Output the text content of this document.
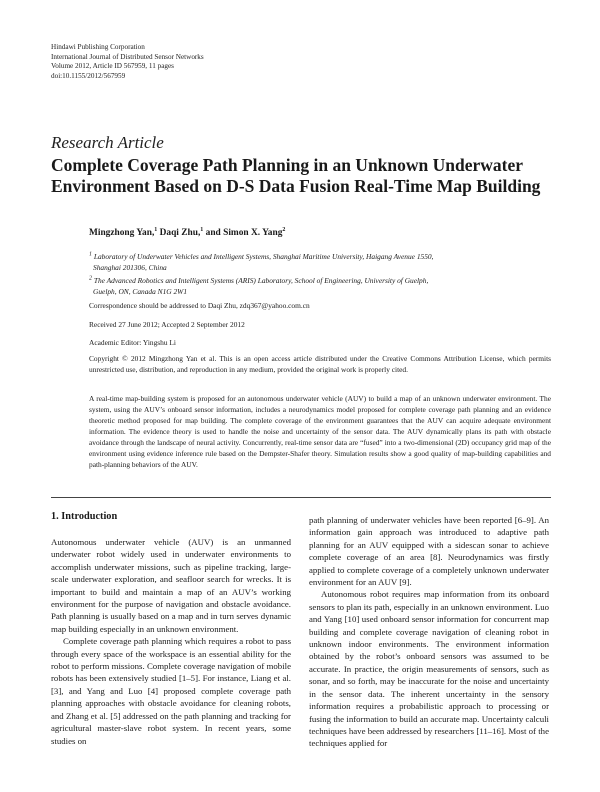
Hindawi Publishing Corporation
International Journal of Distributed Sensor Networks
Volume 2012, Article ID 567959, 11 pages
doi:10.1155/2012/567959
Research Article
Complete Coverage Path Planning in an Unknown Underwater
Environment Based on D-S Data Fusion Real-Time Map Building
Mingzhong Yan,$^1$ Daqi Zhu,$^1$ and Simon X. Yang$^2$
$^1$ Laboratory of Underwater Vehicles and Intelligent Systems, Shanghai Maritime University, Haigang Avenue 1550,
Shanghai 201306, China
$^2$ The Advanced Robotics and Intelligent Systems (ARIS) Laboratory, School of Engineering, University of Guelph,
Guelph, ON, Canada N1G 2W1
Correspondence should be addressed to Daqi Zhu, zdq367@yahoo.com.cn
Received 27 June 2012; Accepted 2 September 2012
Academic Editor: Yingshu Li
Copyright © 2012 Mingzhong Yan et al. This is an open access article distributed under the Creative Commons Attribution License, which permits unrestricted use, distribution, and reproduction in any medium, provided the original work is properly cited.
A real-time map-building system is proposed for an autonomous underwater vehicle (AUV) to build a map of an unknown underwater environment. The system, using the AUV’s onboard sensor information, includes a neurodynamics model proposed for complete coverage path planning and an evidence theoretic method proposed for map building. The complete coverage of the environment guarantees that the AUV can acquire adequate environment information. The evidence theory is used to handle the noise and uncertainty of the sensor data. The AUV dynamically plans its path with obstacle avoidance through the landscape of neural activity. Concurrently, real-time sensor data are “fused” into a two-dimensional (2D) occupancy grid map of the environment using evidence inference rule based on the Dempster-Shafer theory. Simulation results show a good quality of map-building capabilities and path-planning behaviors of the AUV.
1. Introduction

Autonomous underwater vehicle (AUV) is an unmanned underwater robot widely used in underwater environments to accomplish underwater missions, such as pipeline tracking, large-scale underwater exploration, and seafloor search for wrecks. It is important to build and maintain a map of an AUV’s working environment for the purpose of navigation and obstacle avoidance. Path planning is usually based on a map and in turn serves dynamic map building especially in an unknown environment.

Complete coverage path planning which requires a robot to pass through every space of the workspace is an essential ability for the robot to perform missions. Complete coverage navigation of mobile robots has been extensively studied [1–5]. For instance, Liang et al. [3], and Yang and Luo [4] proposed complete coverage path planning approaches with obstacle avoidance for cleaning robots, and Zhang et al. [5] addressed on the path planning and tracking for agricultural master-slave robot system. In recent years, some studies on

path planning of underwater vehicles have been reported [6–9]. An information gain approach was introduced to adaptive path planning for an AUV equipped with a sidescan sonar to achieve complete coverage of an area [8]. Neurodynamics was firstly applied to complete coverage of a completely unknown underwater environment for an AUV [9].

Autonomous robot requires map information from its onboard sensors to plan its path, especially in an unknown environment. Luo and Yang [10] used onboard sensor information for concurrent map building and complete coverage navigation of cleaning robot in unknown indoor environments. The environment information obtained by the robot’s onboard sensors was assumed to be accurate. In practice, the origin measurements of sensors, such as sonar, and so forth, may be inaccurate for the noise and uncertainty in the sensor data. The inherent uncertainty in the sensory information requires a probabilistic approach to processing or fusing the information to build an accurate map. Uncertainty calculi techniques have been addressed by researchers [11–16]. Most of the techniques applied for
